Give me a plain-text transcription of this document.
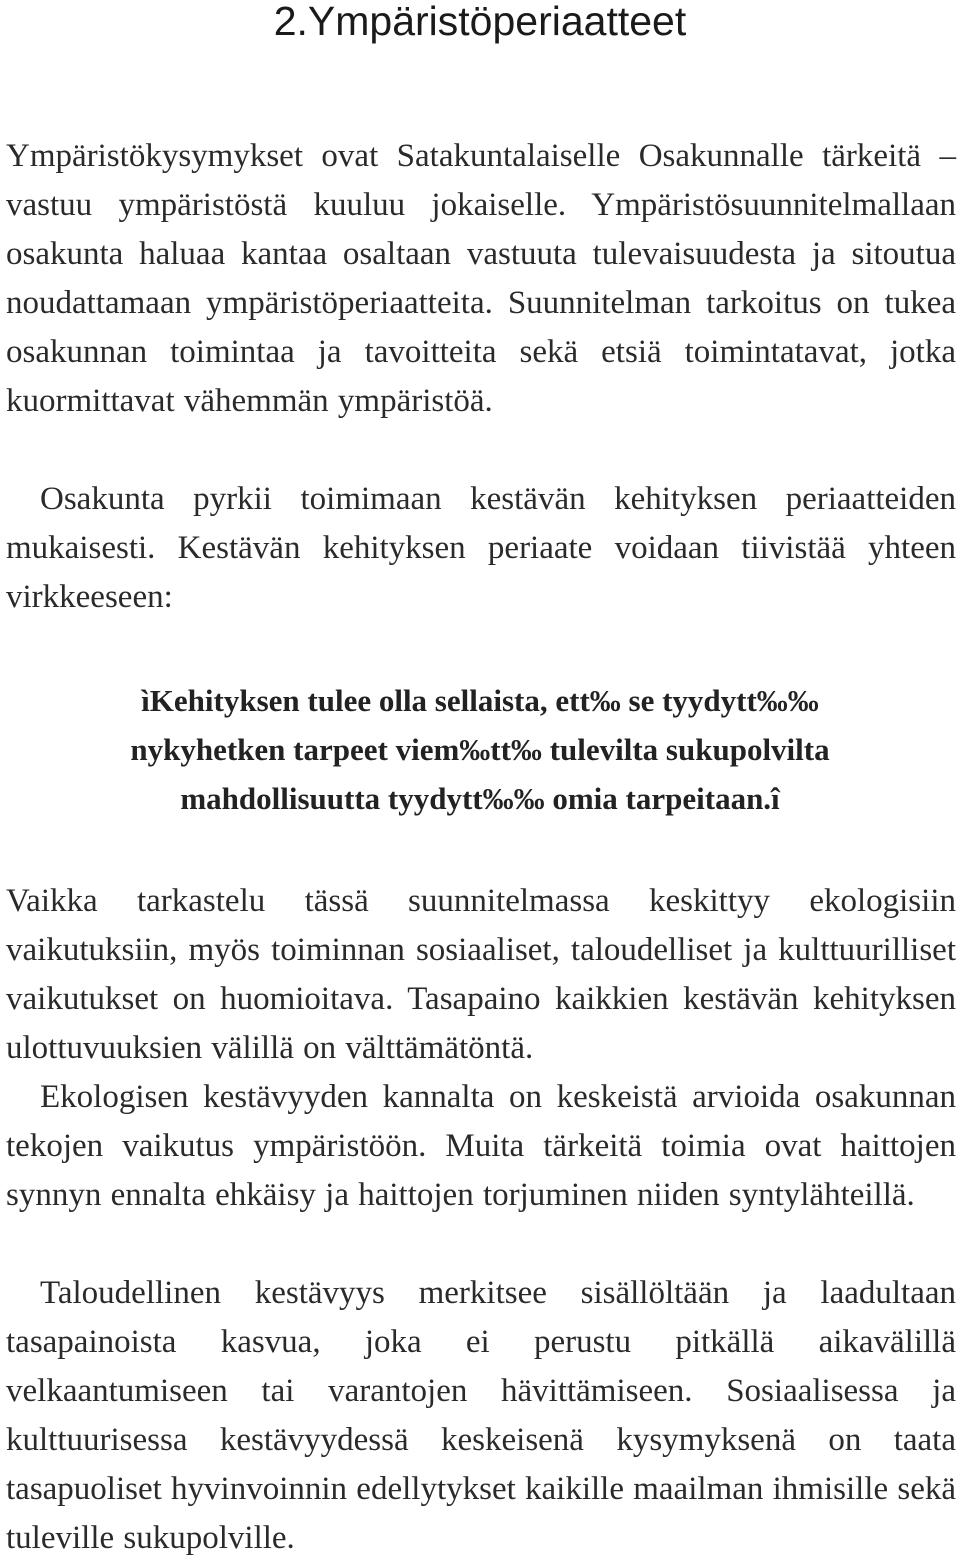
2.Ympäristöperiaatteet

Ympäristökysymykset ovat Satakuntalaiselle Osakunnalle tärkeitä – vastuu ympäristöstä kuuluu jokaiselle. Ympäristösuunnitelmallaan osakunta haluaa kantaa osaltaan vastuuta tulevaisuudesta ja sitoutua noudattamaan ympäristöperiaatteita. Suunnitelman tarkoitus on tukea osakunnan toimintaa ja tavoitteita sekä etsiä toimintatavat, jotka kuormittavat vähemmän ympäristöä.

Osakunta pyrkii toimimaan kestävän kehityksen periaatteiden mukaisesti. Kestävän kehityksen periaate voidaan tiivistää yhteen virkkeeseen:

ìKehityksen tulee olla sellaista, ett‰ se tyydytt‰‰
nykyhetken tarpeet viem‰tt‰ tulevilta sukupolvilta
mahdollisuutta tyydytt‰‰ omia tarpeitaan.î

Vaikka tarkastelu tässä suunnitelmassa keskittyy ekologisiin vaikutuksiin, myös toiminnan sosiaaliset, taloudelliset ja kulttuurilliset vaikutukset on huomioitava. Tasapaino kaikkien kestävän kehityksen ulottuvuuksien välillä on välttämätöntä.

Ekologisen kestävyyden kannalta on keskeistä arvioida osakunnan tekojen vaikutus ympäristöön. Muita tärkeitä toimia ovat haittojen synnyn ennalta ehkäisy ja haittojen torjuminen niiden syntylähteillä.

Taloudellinen kestävyys merkitsee sisällöltään ja laadultaan tasapainoista kasvua, joka ei perustu pitkällä aikavälillä velkaantumiseen tai varantojen hävittämiseen. Sosiaalisessa ja kulttuurisessa kestävyydessä keskeisenä kysymyksenä on taata tasapuoliset hyvinvoinnin edellytykset kaikille maailman ihmisille sekä tuleville sukupolville.
